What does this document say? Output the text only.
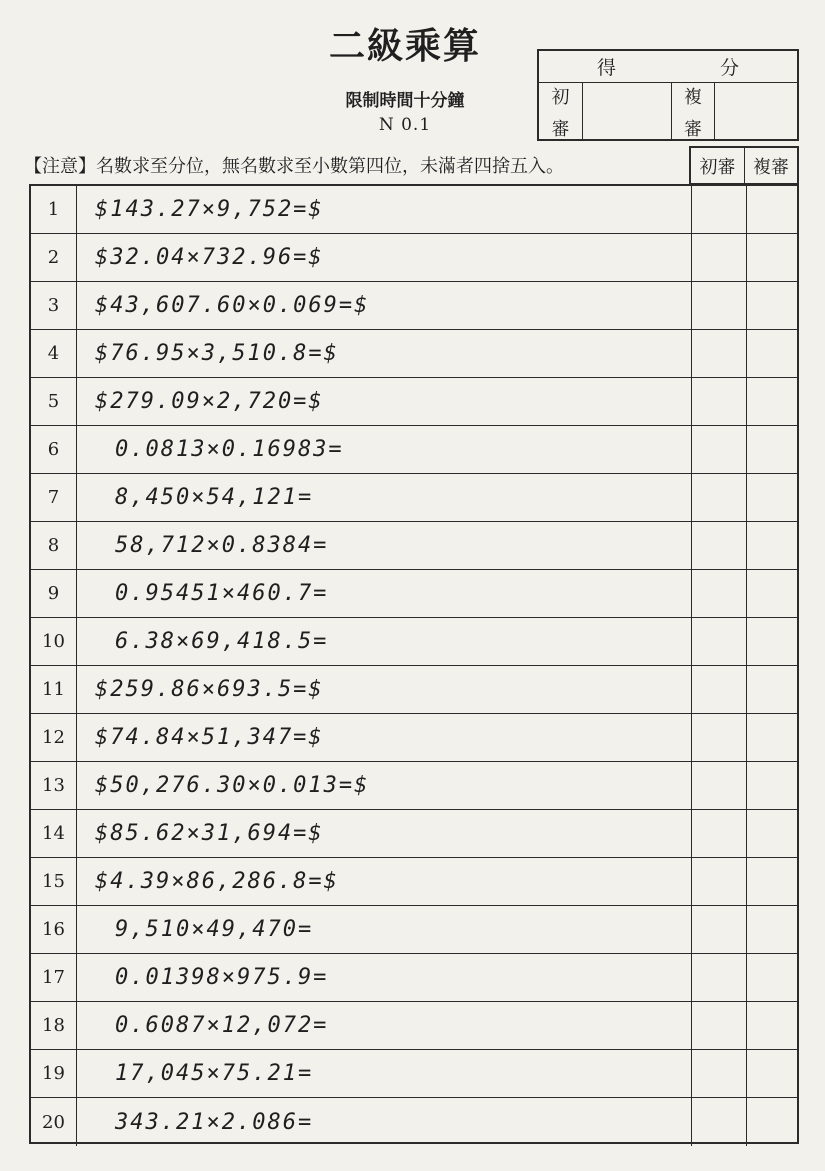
二級乘算
限制時間十分鐘
N 0.1
得	分
初
審
複
審
【注意】名數求至分位，無名數求至小數第四位，未滿者四捨五入。	初審 複審
1	$143.27×9,752=$
2	$32.04×732.96=$
3	$43,607.60×0.069=$
4	$76.95×3,510.8=$
5	$279.09×2,720=$
6	0.0813×0.16983=
7	8,450×54,121=
8	58,712×0.8384=
9	0.95451×460.7=
10	6.38×69,418.5=
11	$259.86×693.5=$
12	$74.84×51,347=$
13	$50,276.30×0.013=$
14	$85.62×31,694=$
15	$4.39×86,286.8=$
16	9,510×49,470=
17	0.01398×975.9=
18	0.6087×12,072=
19	17,045×75.21=
20	343.21×2.086=
